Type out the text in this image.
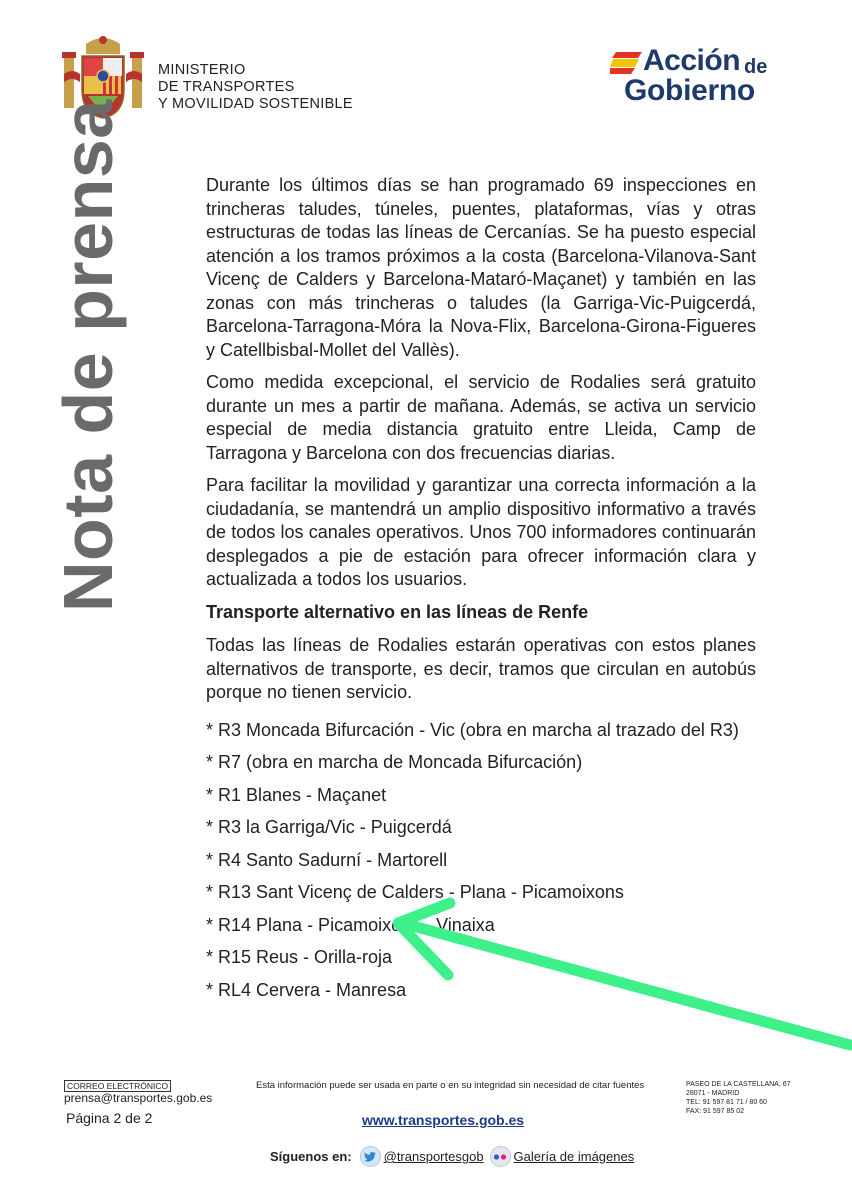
MINISTERIO
DE TRANSPORTES
Y MOVILIDAD SOSTENIBLE
Acción de
Gobierno
Nota de prensa	Durante los últimos días se han programado 69 inspecciones en trincheras taludes, túneles, puentes, plataformas, vías y otras estructuras de todas las líneas de Cercanías. Se ha puesto especial atención a los tramos próximos a la costa (Barcelona-Vilanova-Sant Vicenç de Calders y Barcelona-Mataró-Maçanet) y también en las zonas con más trincheras o taludes (la Garriga-Vic-Puigcerdá, Barcelona-Tarragona-Móra la Nova-Flix, Barcelona-Girona-Figueres y Catellbisbal-Mollet del Vallès).

Como medida excepcional, el servicio de Rodalies será gratuito durante un mes a partir de mañana. Además, se activa un servicio especial de media distancia gratuito entre Lleida, Camp de Tarragona y Barcelona con dos frecuencias diarias.

Para facilitar la movilidad y garantizar una correcta información a la ciudadanía, se mantendrá un amplio dispositivo informativo a través de todos los canales operativos. Unos 700 informadores continuarán desplegados a pie de estación para ofrecer información clara y actualizada a todos los usuarios.

Transporte alternativo en las líneas de Renfe

Todas las líneas de Rodalies estarán operativas con estos planes alternativos de transporte, es decir, tramos que circulan en autobús porque no tienen servicio.

* R3 Moncada Bifurcación - Vic (obra en marcha al trazado del R3)
* R7 (obra en marcha de Moncada Bifurcación)
* R1 Blanes - Maçanet
* R3 la Garriga/Vic - Puigcerdá
* R4 Santo Sadurní - Martorell
* R13 Sant Vicenç de Calders - Plana - Picamoixons
* R14 Plana - Picamoixons - Vinaixa
* R15 Reus - Orilla-roja
* RL4 Cervera - Manresa
CORREO ELECTRÓNICO
prensa@transportes.gob.es
Página 2 de 2
Esta información puede ser usada en parte o en su integridad sin necesidad de citar fuentes
www.transportes.gob.es
PASEO DE LA CASTELLANA, 67
28071 - MADRID
TEL: 91 597 81 71 / 80 60
FAX: 91 597 85 02
Síguenos en: @transportesgob Galería de imágenes
